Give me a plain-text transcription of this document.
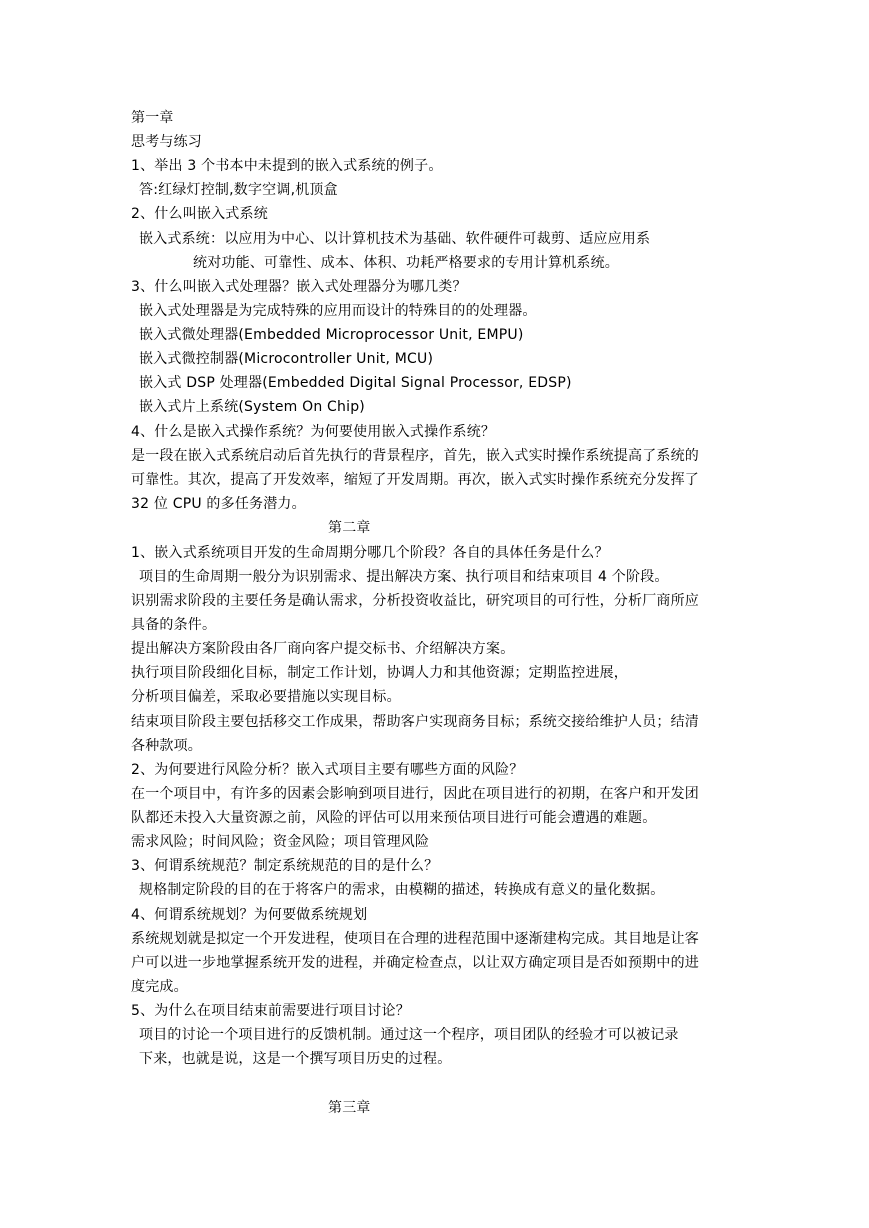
第一章
思考与练习
1、举出 3 个书本中未提到的嵌入式系统的例子。
答:红绿灯控制,数字空调,机顶盒
2、什么叫嵌入式系统
嵌入式系统：以应用为中心、以计算机技术为基础、软件硬件可裁剪、适应应用系
统对功能、可靠性、成本、体积、功耗严格要求的专用计算机系统。
3、什么叫嵌入式处理器？嵌入式处理器分为哪几类？
嵌入式处理器是为完成特殊的应用而设计的特殊目的的处理器。
嵌入式微处理器(Embedded Microprocessor Unit, EMPU)
嵌入式微控制器(Microcontroller Unit, MCU)
嵌入式 DSP 处理器(Embedded Digital Signal Processor, EDSP)
嵌入式片上系统(System On Chip)
4、什么是嵌入式操作系统？为何要使用嵌入式操作系统？
是一段在嵌入式系统启动后首先执行的背景程序，首先，嵌入式实时操作系统提高了系统的
可靠性。其次，提高了开发效率，缩短了开发周期。再次，嵌入式实时操作系统充分发挥了
32 位 CPU 的多任务潜力。
第二章
1、嵌入式系统项目开发的生命周期分哪几个阶段？各自的具体任务是什么？
项目的生命周期一般分为识别需求、提出解决方案、执行项目和结束项目 4 个阶段。
识别需求阶段的主要任务是确认需求，分析投资收益比，研究项目的可行性，分析厂商所应
具备的条件。
提出解决方案阶段由各厂商向客户提交标书、介绍解决方案。
执行项目阶段细化目标，制定工作计划，协调人力和其他资源；定期监控进展，
分析项目偏差，采取必要措施以实现目标。
结束项目阶段主要包括移交工作成果，帮助客户实现商务目标；系统交接给维护人员；结清
各种款项。
2、为何要进行风险分析？嵌入式项目主要有哪些方面的风险？
在一个项目中，有许多的因素会影响到项目进行，因此在项目进行的初期，在客户和开发团
队都还未投入大量资源之前，风险的评估可以用来预估项目进行可能会遭遇的难题。
需求风险；时间风险；资金风险；项目管理风险
3、何谓系统规范？制定系统规范的目的是什么？
规格制定阶段的目的在于将客户的需求，由模糊的描述，转换成有意义的量化数据。
4、何谓系统规划？为何要做系统规划
系统规划就是拟定一个开发进程，使项目在合理的进程范围中逐渐建构完成。其目地是让客
户可以进一步地掌握系统开发的进程，并确定检查点，以让双方确定项目是否如预期中的进
度完成。
5、为什么在项目结束前需要进行项目讨论？
项目的讨论一个项目进行的反馈机制。通过这一个程序，项目团队的经验才可以被记录
下来，也就是说，这是一个撰写项目历史的过程。
第三章
